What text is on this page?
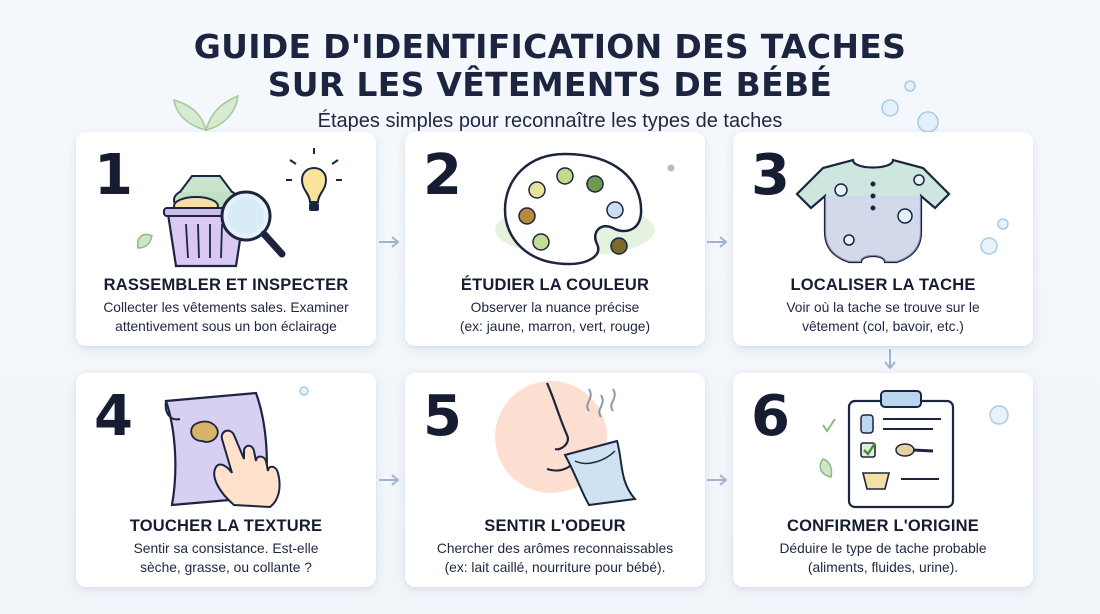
GUIDE D'IDENTIFICATION DES TACHES
SUR LES VÊTEMENTS DE BÉBÉ
Étapes simples pour reconnaître les types de taches
1
RASSEMBLER ET INSPECTER
Collecter les vêtements sales. Examiner
attentivement sous un bon éclairage
2
ÉTUDIER LA COULEUR
Observer la nuance précise
(ex: jaune, marron, vert, rouge)
3
LOCALISER LA TACHE
Voir où la tache se trouve sur le
vêtement (col, bavoir, etc.)
4
TOUCHER LA TEXTURE
Sentir sa consistance. Est-elle
sèche, grasse, ou collante ?
5
SENTIR L'ODEUR
Chercher des arômes reconnaissables
(ex: lait caillé, nourriture pour bébé).
6
CONFIRMER L'ORIGINE
Déduire le type de tache probable
(aliments, fluides, urine).
